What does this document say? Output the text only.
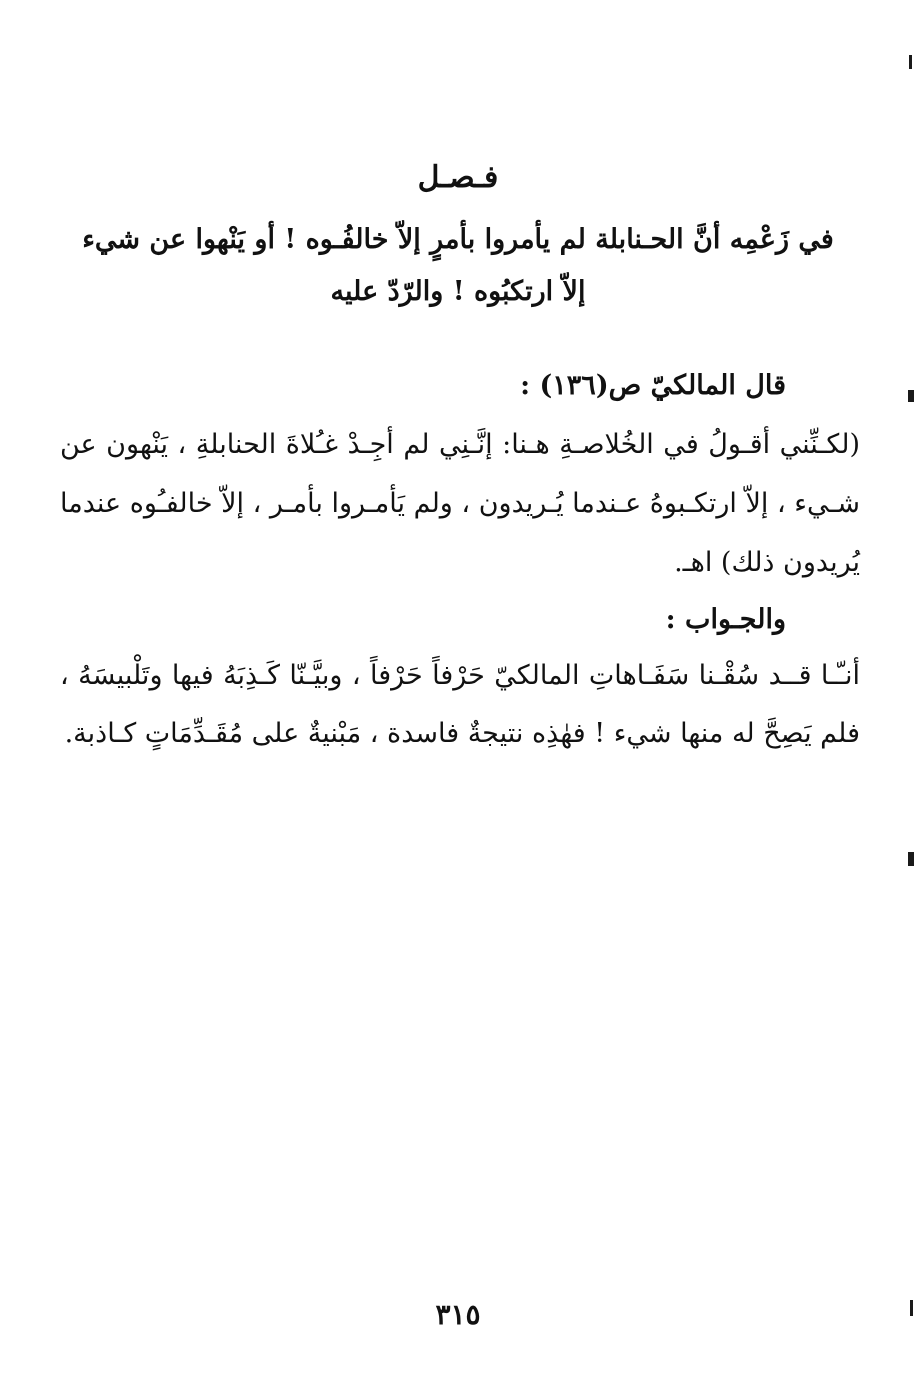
فـصـل
في زَعْمِه أنَّ الحـنابلة لم يأمروا بأمرٍ إلاّ خالفُـوه ! أو يَنْهوا عن شيء
إلاّ ارتكبُوه ! والرّدّ عليه
قال المالكيّ ص(١٣٦) :
(لكـنِّني أقـولُ في الخُلاصـةِ هـنا: إنَّـنِي لم أجِـدْ غـُلاةَ الحنابلةِ ، يَنْهون عن
شـيء ، إلاّ ارتكـبوهُ عـندما يُـريدون ، ولم يَأمـروا بأمـر ، إلاّ خالفـُوه عندما
يُريدون ذلك) اهـ.
والجـواب :
أنـّـا قــد سُقْـنا سَفَـاهاتِ المالكيّ حَرْفاً حَرْفاً ، وبيَّـنّا كَـذِبَهُ فيها وتَلْبيسَهُ ،
فلم يَصِحَّ له منها شيء ! فهٰذِه نتيجةٌ فاسدة ، مَبْنيةٌ على مُقَـدِّمَاتٍ كـاذبة.
٣١٥
